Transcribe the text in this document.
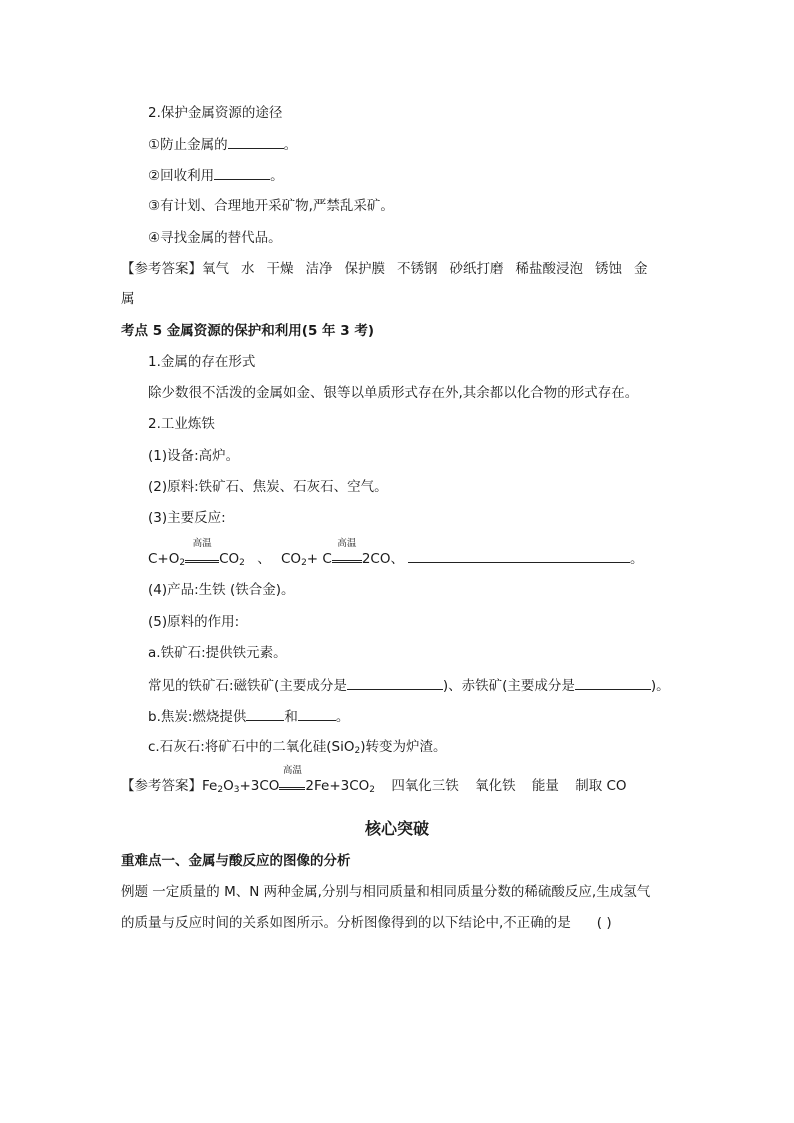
2.保护金属资源的途径
①防止金属的	。
②回收利用	。
③有计划、合理地开采矿物,严禁乱采矿。
④寻找金属的替代品。
【参考答案】氧气 水 干燥 洁净 保护膜 不锈钢 砂纸打磨 稀盐酸浸泡 锈蚀 金
属
考点 5 金属资源的保护和利用(5 年 3 考)
1.金属的存在形式
除少数很不活泼的金属如金、银等以单质形式存在外,其余都以化合物的形式存在。
2.工业炼铁
(1)设备:高炉。
(2)原料:铁矿石、焦炭、石灰石、空气。
(3)主要反应:
$C+O_2$
高温
$CO_2$ 、 $CO_2+ C$
高温
2CO、	。
(4)产品:生铁 (铁合金)。
(5)原料的作用:
a.铁矿石:提供铁元素。
常见的铁矿石:磁铁矿(主要成分是	)、赤铁矿(主要成分是	)。
b.焦炭:燃烧提供	和	。
c.石灰石:将矿石中的二氧化硅(SiO$_2$)转变为炉渣。
【参考答案】$Fe_2O_3+3CO$
高温
$2Fe+3CO_2$ 四氧化三铁 氧化铁 能量 制取 CO
核心突破
重难点一、金属与酸反应的图像的分析
例题 一定质量的 M、N 两种金属,分别与相同质量和相同质量分数的稀硫酸反应,生成氢气
的质量与反应时间的关系如图所示。分析图像得到的以下结论中,不正确的是 ( )
